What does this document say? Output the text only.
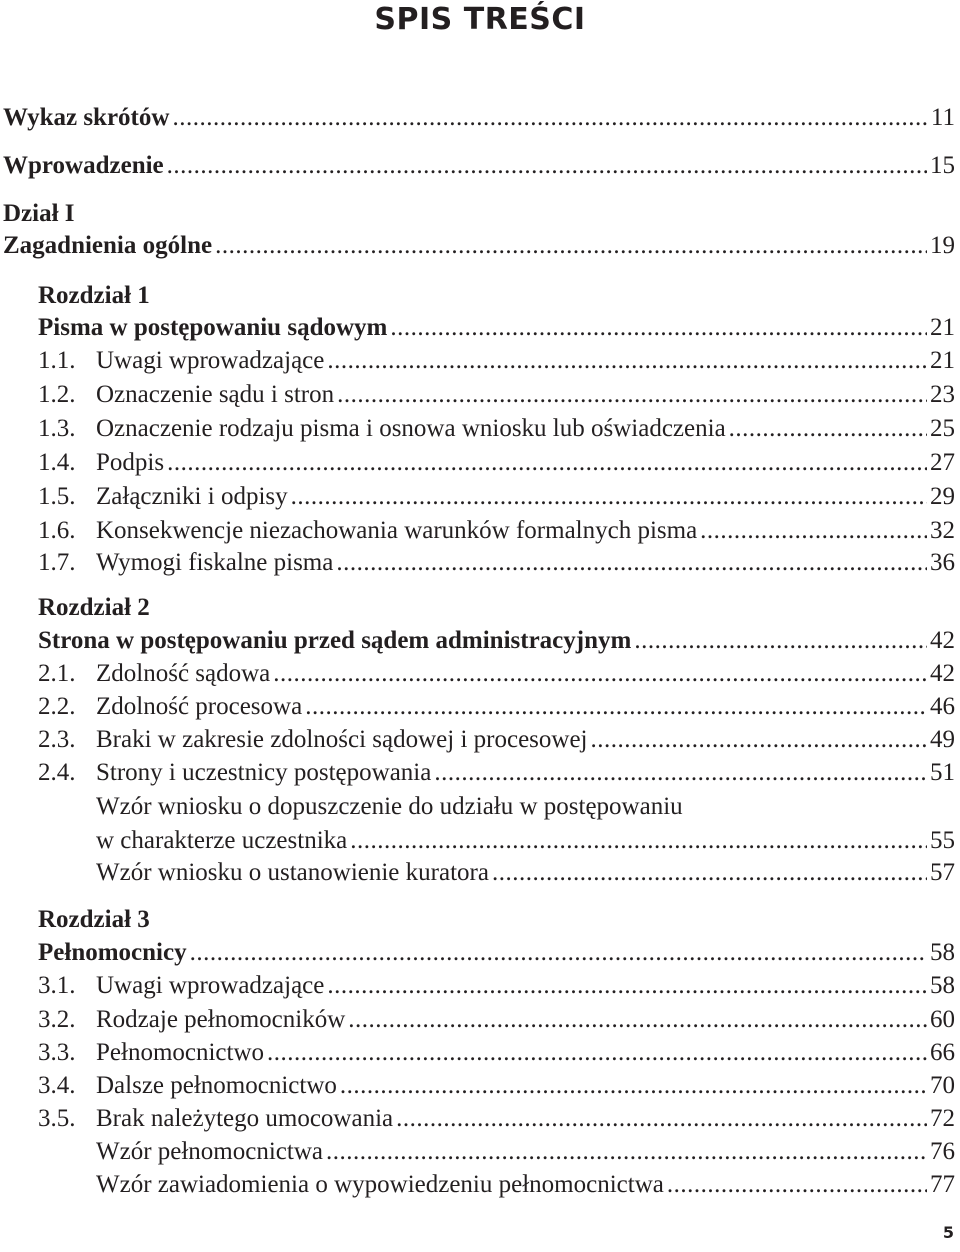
SPIS TREŚCI
Wykaz skrótów .....	11
Wprowadzenie .....	15
Dział I
Zagadnienia ogólne .....	19
Rozdział 1
Pisma w postępowaniu sądowym .....	21
1.1. Uwagi wprowadzające .....	21
1.2. Oznaczenie sądu i stron .....	23
1.3. Oznaczenie rodzaju pisma i osnowa wniosku lub oświadczenia .....	25
1.4. Podpis .....	27
1.5. Załączniki i odpisy .....	29
1.6. Konsekwencje niezachowania warunków formalnych pisma .....	32
1.7. Wymogi fiskalne pisma .....	36
Rozdział 2
Strona w postępowaniu przed sądem administracyjnym .....	42
2.1. Zdolność sądowa .....	42
2.2. Zdolność procesowa .....	46
2.3. Braki w zakresie zdolności sądowej i procesowej .....	49
2.4. Strony i uczestnicy postępowania .....	51
Wzór wniosku o dopuszczenie do udziału w postępowaniu
w charakterze uczestnika .....	55
Wzór wniosku o ustanowienie kuratora .....	57
Rozdział 3
Pełnomocnicy .....	58
3.1. Uwagi wprowadzające .....	58
3.2. Rodzaje pełnomocników .....	60
3.3. Pełnomocnictwo .....	66
3.4. Dalsze pełnomocnictwo .....	70
3.5. Brak należytego umocowania .....	72
Wzór pełnomocnictwa .....	76
Wzór zawiadomienia o wypowiedzeniu pełnomocnictwa .....	77
5
